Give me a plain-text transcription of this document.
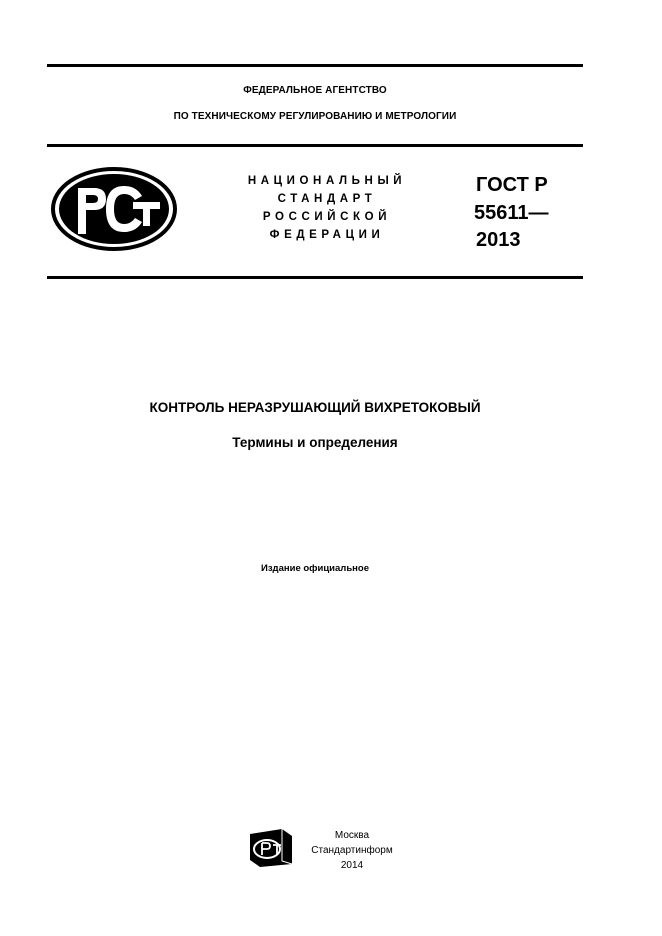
ФЕДЕРАЛЬНОЕ АГЕНТСТВО
ПО ТЕХНИЧЕСКОМУ РЕГУЛИРОВАНИЮ И МЕТРОЛОГИИ
НАЦИОНАЛЬНЫЙ
СТАНДАРТ
РОССИЙСКОЙ
ФЕДЕРАЦИИ
ГОСТ Р
55611—
2013
КОНТРОЛЬ НЕРАЗРУШАЮЩИЙ ВИХРЕТОКОВЫЙ
Термины и определения
Издание официальное
Москва
Стандартинформ
2014
